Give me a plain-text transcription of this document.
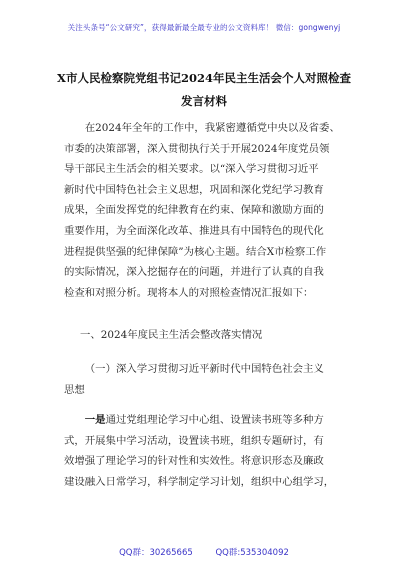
关注头条号“公文研究”，获得最新最全最专业的公文资料库！ 微信：gongwenyj
X市人民检察院党组书记2024年民主生活会个人对照检查
发言材料

在2024年全年的工作中，我紧密遵循党中央以及省委、
市委的决策部署，深入贯彻执行关于开展2024年度党员领
导干部民主生活会的相关要求。以“深入学习贯彻习近平
新时代中国特色社会主义思想，巩固和深化党纪学习教育
成果，全面发挥党的纪律教育在约束、保障和激励方面的
重要作用，为全面深化改革、推进具有中国特色的现代化
进程提供坚强的纪律保障”为核心主题。结合X市检察工作
的实际情况，深入挖掘存在的问题，并进行了认真的自我
检查和对照分析。现将本人的对照检查情况汇报如下：

一、2024年度民主生活会整改落实情况
（一）深入学习贯彻习近平新时代中国特色社会主义
思想

　　一是通过党组理论学习中心组、设置读书班等多种方
式，开展集中学习活动，设置读书班，组织专题研讨，有
效增强了理论学习的针对性和实效性。将意识形态及廉政
建设融入日常学习，科学制定学习计划，组织中心组学习，

QQ群：30265665	QQ群:535304092
